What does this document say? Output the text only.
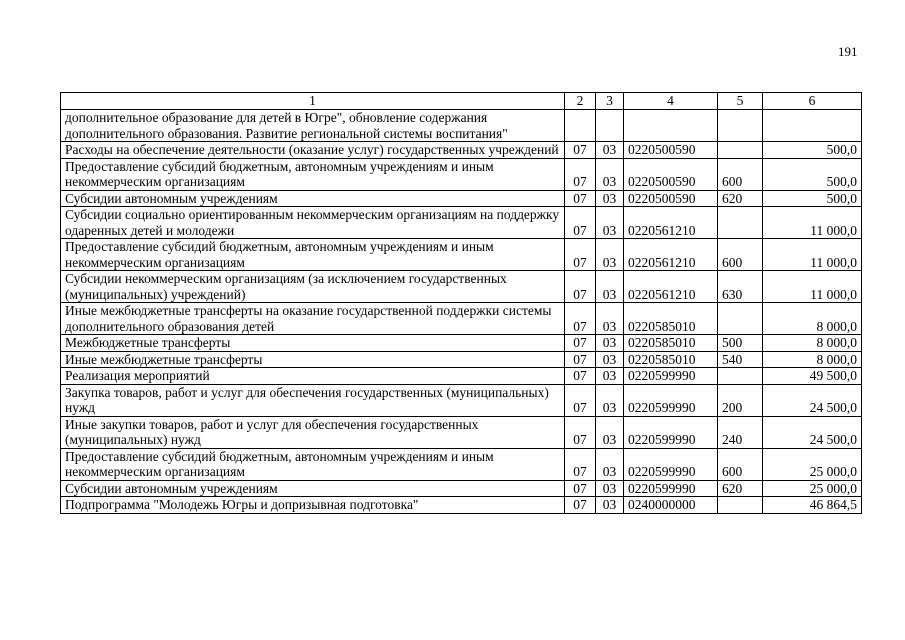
191
1	2	3	4	5	6
дополнительное образование для детей в Югре", обновление содержания дополнительного образования. Развитие региональной системы воспитания"					
Расходы на обеспечение деятельности (оказание услуг) государственных учреждений	07	03	0220500590		500,0
Предоставление субсидий бюджетным, автономным учреждениям и иным некоммерческим организациям	07	03	0220500590	600	500,0
Субсидии автономным учреждениям	07	03	0220500590	620	500,0
Субсидии социально ориентированным некоммерческим организациям на поддержку одаренных детей и молодежи	07	03	0220561210		11 000,0
Предоставление субсидий бюджетным, автономным учреждениям и иным некоммерческим организациям	07	03	0220561210	600	11 000,0
Субсидии некоммерческим организациям (за исключением государственных (муниципальных) учреждений)	07	03	0220561210	630	11 000,0
Иные межбюджетные трансферты на оказание государственной поддержки системы дополнительного образования детей	07	03	0220585010		8 000,0
Межбюджетные трансферты	07	03	0220585010	500	8 000,0
Иные межбюджетные трансферты	07	03	0220585010	540	8 000,0
Реализация мероприятий	07	03	0220599990		49 500,0
Закупка товаров, работ и услуг для обеспечения государственных (муниципальных) нужд	07	03	0220599990	200	24 500,0
Иные закупки товаров, работ и услуг для обеспечения государственных (муниципальных) нужд	07	03	0220599990	240	24 500,0
Предоставление субсидий бюджетным, автономным учреждениям и иным некоммерческим организациям	07	03	0220599990	600	25 000,0
Субсидии автономным учреждениям	07	03	0220599990	620	25 000,0
Подпрограмма "Молодежь Югры и допризывная подготовка"	07	03	0240000000		46 864,5
